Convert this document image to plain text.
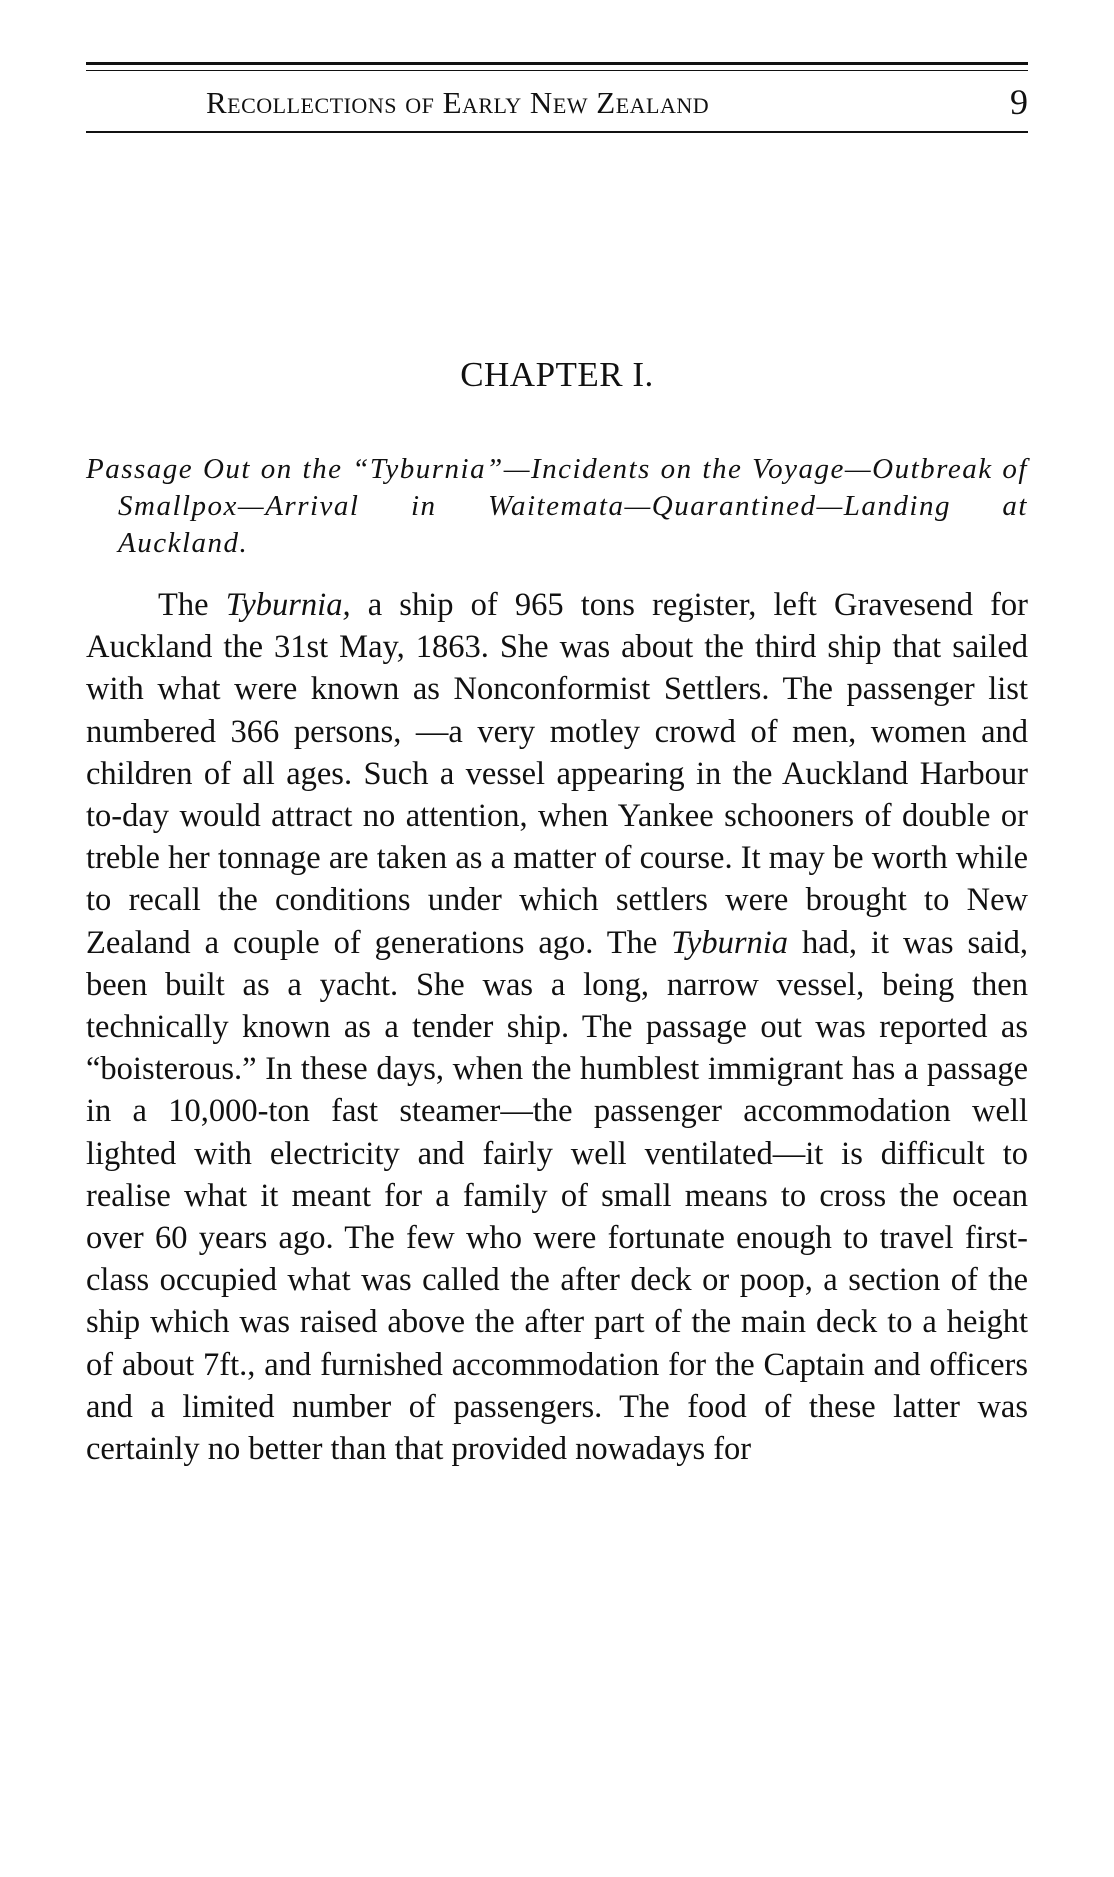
Recollections of Early New Zealand	9
CHAPTER I.
Passage Out on the “Tyburnia”—Incidents on the Voyage—Outbreak of Smallpox—Arrival in Waitemata—Quarantined—Landing at Auckland.

The Tyburnia, a ship of 965 tons register, left Gravesend for Auckland the 31st May, 1863. She was about the third ship that sailed with what were known as Nonconformist Settlers. The passenger list numbered 366 persons, —a very motley crowd of men, women and children of all ages. Such a vessel appearing in the Auckland Harbour to-day would attract no attention, when Yankee schooners of double or treble her tonnage are taken as a matter of course. It may be worth while to recall the conditions under which settlers were brought to New Zealand a couple of generations ago. The Tyburnia had, it was said, been built as a yacht. She was a long, narrow vessel, being then technically known as a tender ship. The passage out was reported as “boisterous.” In these days, when the humblest immigrant has a passage in a 10,000-ton fast steamer—the passenger accommodation well lighted with electricity and fairly well ventilated—it is difficult to realise what it meant for a family of small means to cross the ocean over 60 years ago. The few who were fortunate enough to travel first-class occupied what was called the after deck or poop, a section of the ship which was raised above the after part of the main deck to a height of about 7ft., and furnished accommodation for the Captain and officers and a limited number of passengers. The food of these latter was certainly no better than that provided nowadays for
